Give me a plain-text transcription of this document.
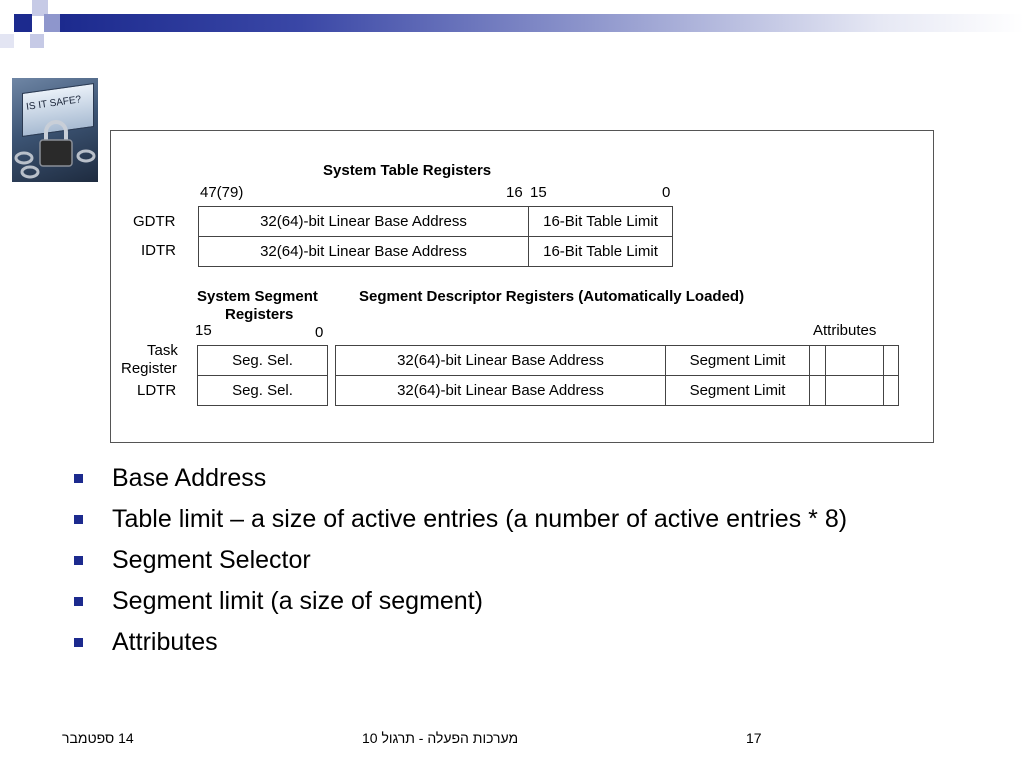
IS IT SAFE?
System Table Registers
47(79)	16 15	0
GDTR	32(64)-bit Linear Base Address	16-Bit Table Limit
IDTR	32(64)-bit Linear Base Address	16-Bit Table Limit
System Segment
Registers
Segment Descriptor Registers (Automatically Loaded)
15	0	Attributes
Task
Register	Seg. Sel.	32(64)-bit Linear Base Address	Segment Limit
LDTR	Seg. Sel.	32(64)-bit Linear Base Address	Segment Limit
Base Address
Table limit – a size of active entries (a number of active entries * 8)
Segment Selector
Segment limit (a size of segment)
Attributes
14 ספטמבר	מערכות הפעלה - תרגול 10	17
